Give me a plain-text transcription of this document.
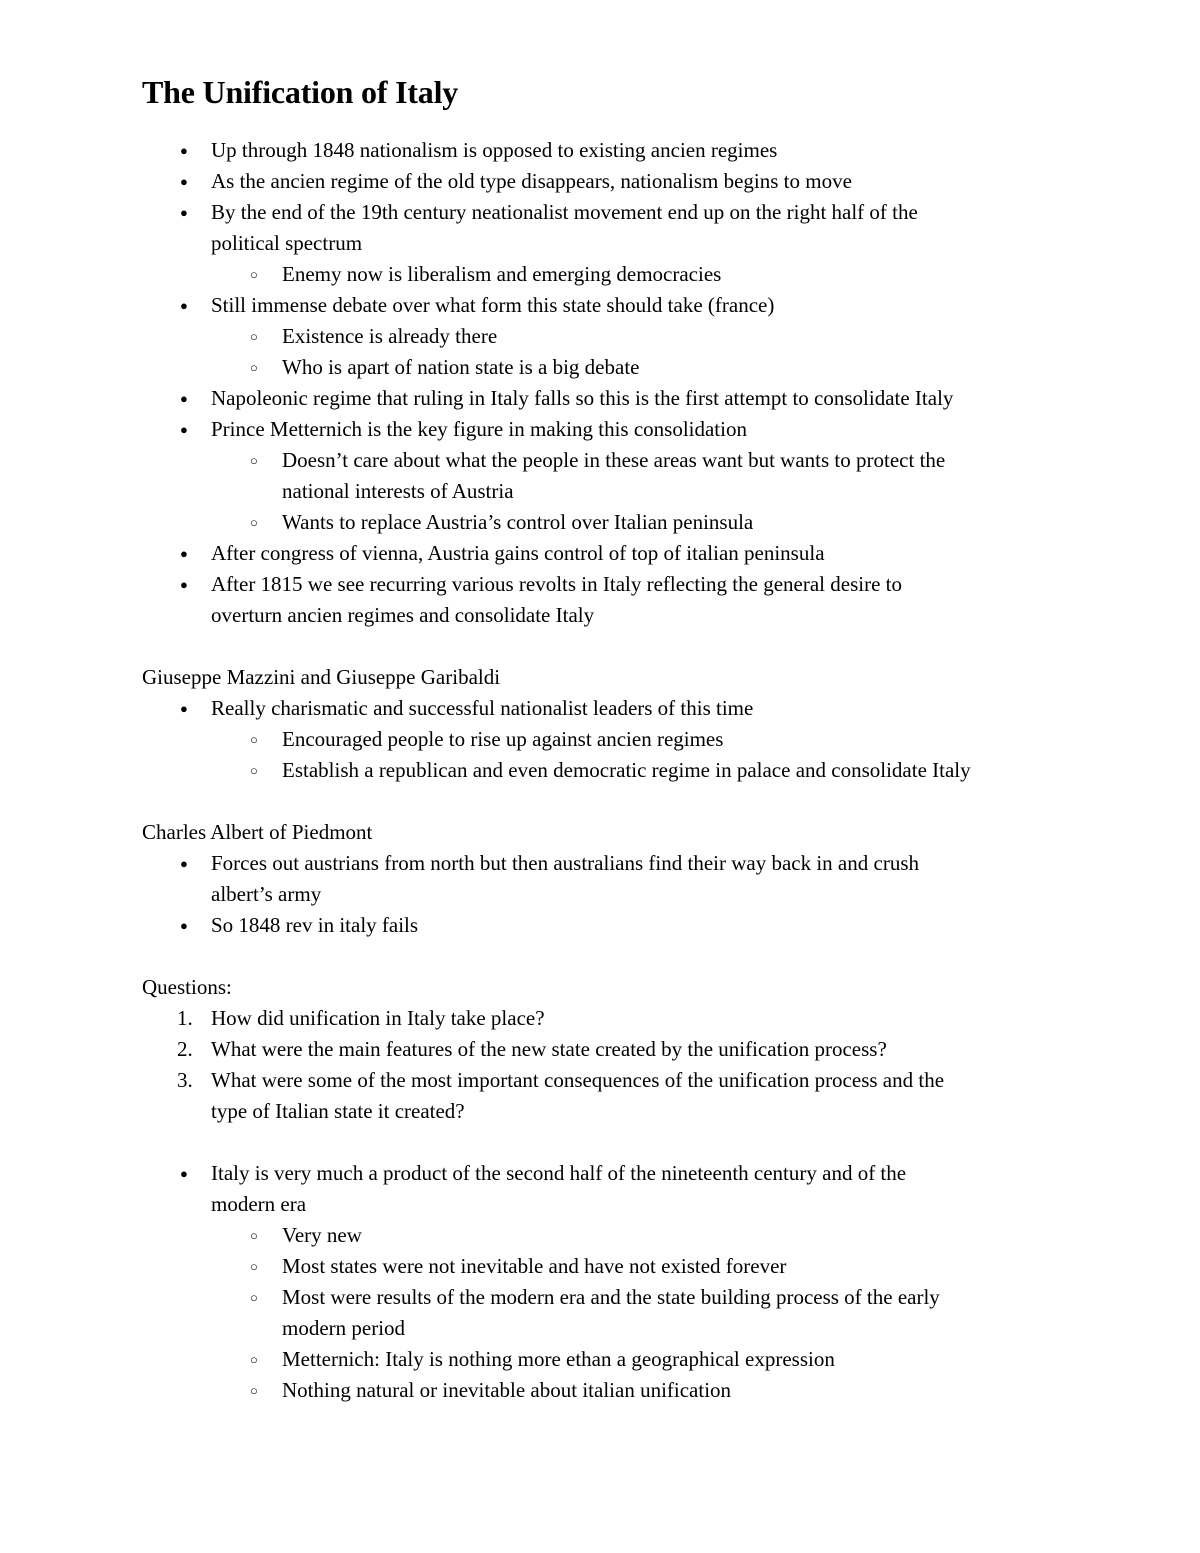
The Unification of Italy
● Up through 1848 nationalism is opposed to existing ancien regimes
● As the ancien regime of the old type disappears, nationalism begins to move
● By the end of the 19th century neationalist movement end up on the right half of the
political spectrum
○ Enemy now is liberalism and emerging democracies
● Still immense debate over what form this state should take (france)
○ Existence is already there
○ Who is apart of nation state is a big debate
● Napoleonic regime that ruling in Italy falls so this is the first attempt to consolidate Italy
● Prince Metternich is the key figure in making this consolidation
○ Doesn’t care about what the people in these areas want but wants to protect the
national interests of Austria
○ Wants to replace Austria’s control over Italian peninsula
● After congress of vienna, Austria gains control of top of italian peninsula
● After 1815 we see recurring various revolts in Italy reflecting the general desire to
overturn ancien regimes and consolidate Italy
Giuseppe Mazzini and Giuseppe Garibaldi
● Really charismatic and successful nationalist leaders of this time
○ Encouraged people to rise up against ancien regimes
○ Establish a republican and even democratic regime in palace and consolidate Italy
Charles Albert of Piedmont
● Forces out austrians from north but then australians find their way back in and crush
albert’s army
● So 1848 rev in italy fails
Questions:
1. How did unification in Italy take place?
2. What were the main features of the new state created by the unification process?
3. What were some of the most important consequences of the unification process and the
type of Italian state it created?
● Italy is very much a product of the second half of the nineteenth century and of the
modern era
○ Very new
○ Most states were not inevitable and have not existed forever
○ Most were results of the modern era and the state building process of the early
modern period
○ Metternich: Italy is nothing more ethan a geographical expression
○ Nothing natural or inevitable about italian unification
